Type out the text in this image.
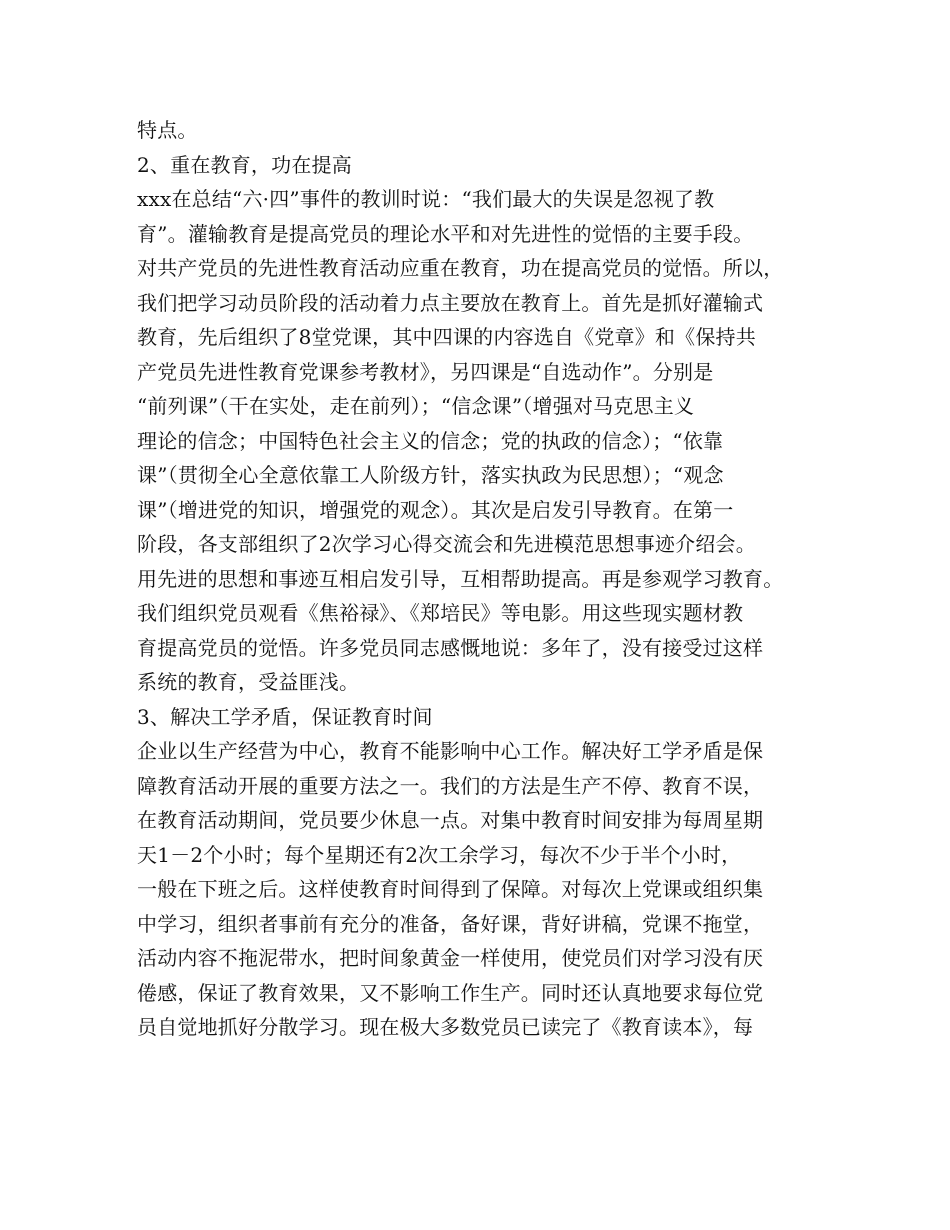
特点。
2、重在教育，功在提高
xxx在总结“六·四”事件的教训时说：“我们最大的失误是忽视了教
育”。灌输教育是提高党员的理论水平和对先进性的觉悟的主要手段。
对共产党员的先进性教育活动应重在教育，功在提高党员的觉悟。所以，
我们把学习动员阶段的活动着力点主要放在教育上。首先是抓好灌输式
教育，先后组织了8堂党课，其中四课的内容选自《党章》和《保持共
产党员先进性教育党课参考教材》，另四课是“自选动作”。分别是
“前列课”（干在实处，走在前列）；“信念课”（增强对马克思主义
理论的信念；中国特色社会主义的信念；党的执政的信念）；“依靠
课”（贯彻全心全意依靠工人阶级方针，落实执政为民思想）；“观念
课”（增进党的知识，增强党的观念）。其次是启发引导教育。在第一
阶段，各支部组织了2次学习心得交流会和先进模范思想事迹介绍会。
用先进的思想和事迹互相启发引导，互相帮助提高。再是参观学习教育。
我们组织党员观看《焦裕禄》、《郑培民》等电影。用这些现实题材教
育提高党员的觉悟。许多党员同志感慨地说：多年了，没有接受过这样
系统的教育，受益匪浅。
3、解决工学矛盾，保证教育时间
企业以生产经营为中心，教育不能影响中心工作。解决好工学矛盾是保
障教育活动开展的重要方法之一。我们的方法是生产不停、教育不误，
在教育活动期间，党员要少休息一点。对集中教育时间安排为每周星期
天1－2个小时；每个星期还有2次工余学习，每次不少于半个小时，
一般在下班之后。这样使教育时间得到了保障。对每次上党课或组织集
中学习，组织者事前有充分的准备，备好课，背好讲稿，党课不拖堂，
活动内容不拖泥带水，把时间象黄金一样使用，使党员们对学习没有厌
倦感，保证了教育效果，又不影响工作生产。同时还认真地要求每位党
员自觉地抓好分散学习。现在极大多数党员已读完了《教育读本》，每
